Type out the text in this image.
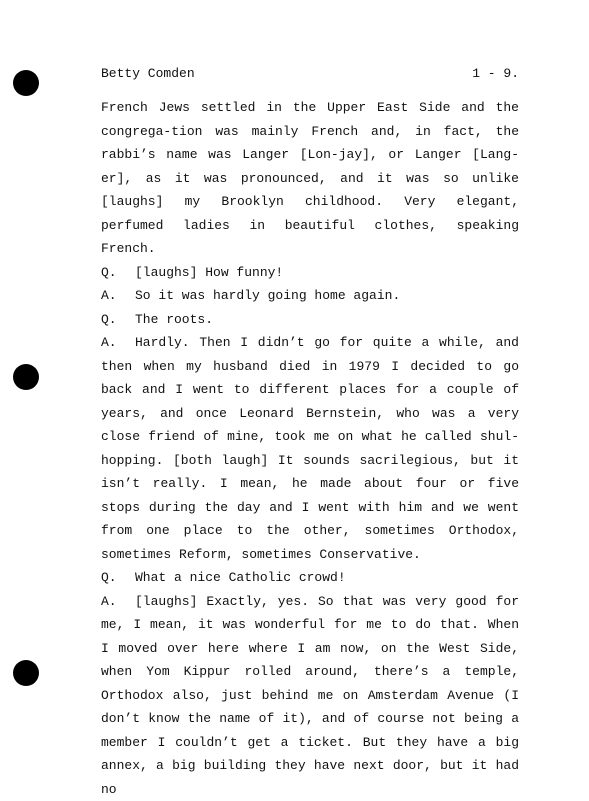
Betty Comden	1 - 9.

French Jews settled in the Upper East Side and the congrega-tion was mainly French and, in fact, the rabbi’s name was Langer [Lon-jay], or Langer [Lang-er], as it was pronounced, and it was so unlike [laughs] my Brooklyn childhood. Very elegant, perfumed ladies in beautiful clothes, speaking French.

Q. [laughs] How funny!

A. So it was hardly going home again.

Q. The roots.

A. Hardly. Then I didn’t go for quite a while, and then when my husband died in 1979 I decided to go back and I went to different places for a couple of years, and once Leonard Bernstein, who was a very close friend of mine, took me on what he called shul-hopping. [both laugh] It sounds sacrilegious, but it isn’t really. I mean, he made about four or five stops during the day and I went with him and we went from one place to the other, sometimes Orthodox, sometimes Reform, sometimes Conservative.

Q. What a nice Catholic crowd!

A. [laughs] Exactly, yes. So that was very good for me, I mean, it was wonderful for me to do that. When I moved over here where I am now, on the West Side, when Yom Kippur rolled around, there’s a temple, Orthodox also, just behind me on Amsterdam Avenue (I don’t know the name of it), and of course not being a member I couldn’t get a ticket. But they have a big annex, a big building they have next door, but it had no
